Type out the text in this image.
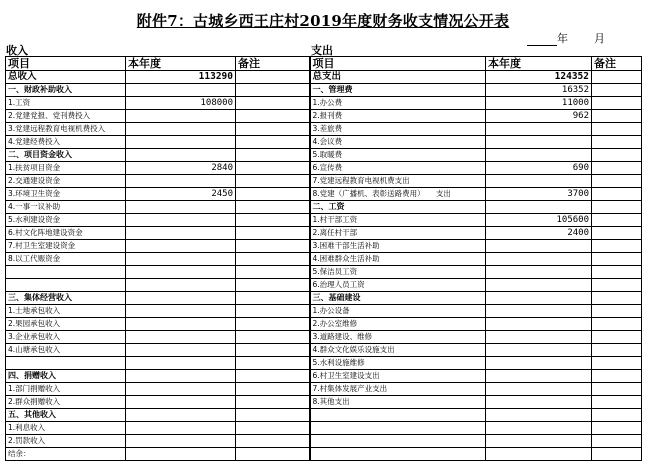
附件7：古城乡西王庄村2019年度财务收支情况公开表
年 月
收入	支出
项目	本年度	备注	项目	本年度	备注
总收入	113290		总支出	124352	
一、财政补助收入			一、管理费	16352	
1.工资	108000		1.办公费	11000	
2.党建党报、党刊费投入			2.报刊费	962	
3.党建远程教育电视机费投入			3.差旅费		
4.党建经费投入			4.会议费		
二、项目资金收入			5.取暖费		
1.扶贫项目资金	2840		6.宣传费	690	
2.交通建设资金			7.党建远程教育电视机费支出		
3.环境卫生资金	2450		8.党建（广播机、表彰送路费用）　　支出	3700	
4.一事一议补助			二、工资		
5.水利建设资金			1.村干部工资	105600	
6.村文化阵地建设资金			2.离任村干部	2400	
7.村卫生室建设资金			3.困难干部生活补助		
8.以工代赈资金			4.困难群众生活补助		
			5.保洁员工资		
			6.治理人员工资		
三、集体经营收入			三、基础建设		
1.土地承包收入			1.办公设备		
2.果园承包收入			2.办公室维修		
3.企业承包收入			3.道路建设、维修		
4.山塘承包收入			4.群众文化娱乐设施支出		
			5.水利设施维修		
四、捐赠收入			6.村卫生室建设支出		
1.部门捐赠收入			7.村集体发展产业支出		
2.群众捐赠收入			8.其他支出		
五、其他收入					
1.利息收入					
2.罚款收入					
结余：					
